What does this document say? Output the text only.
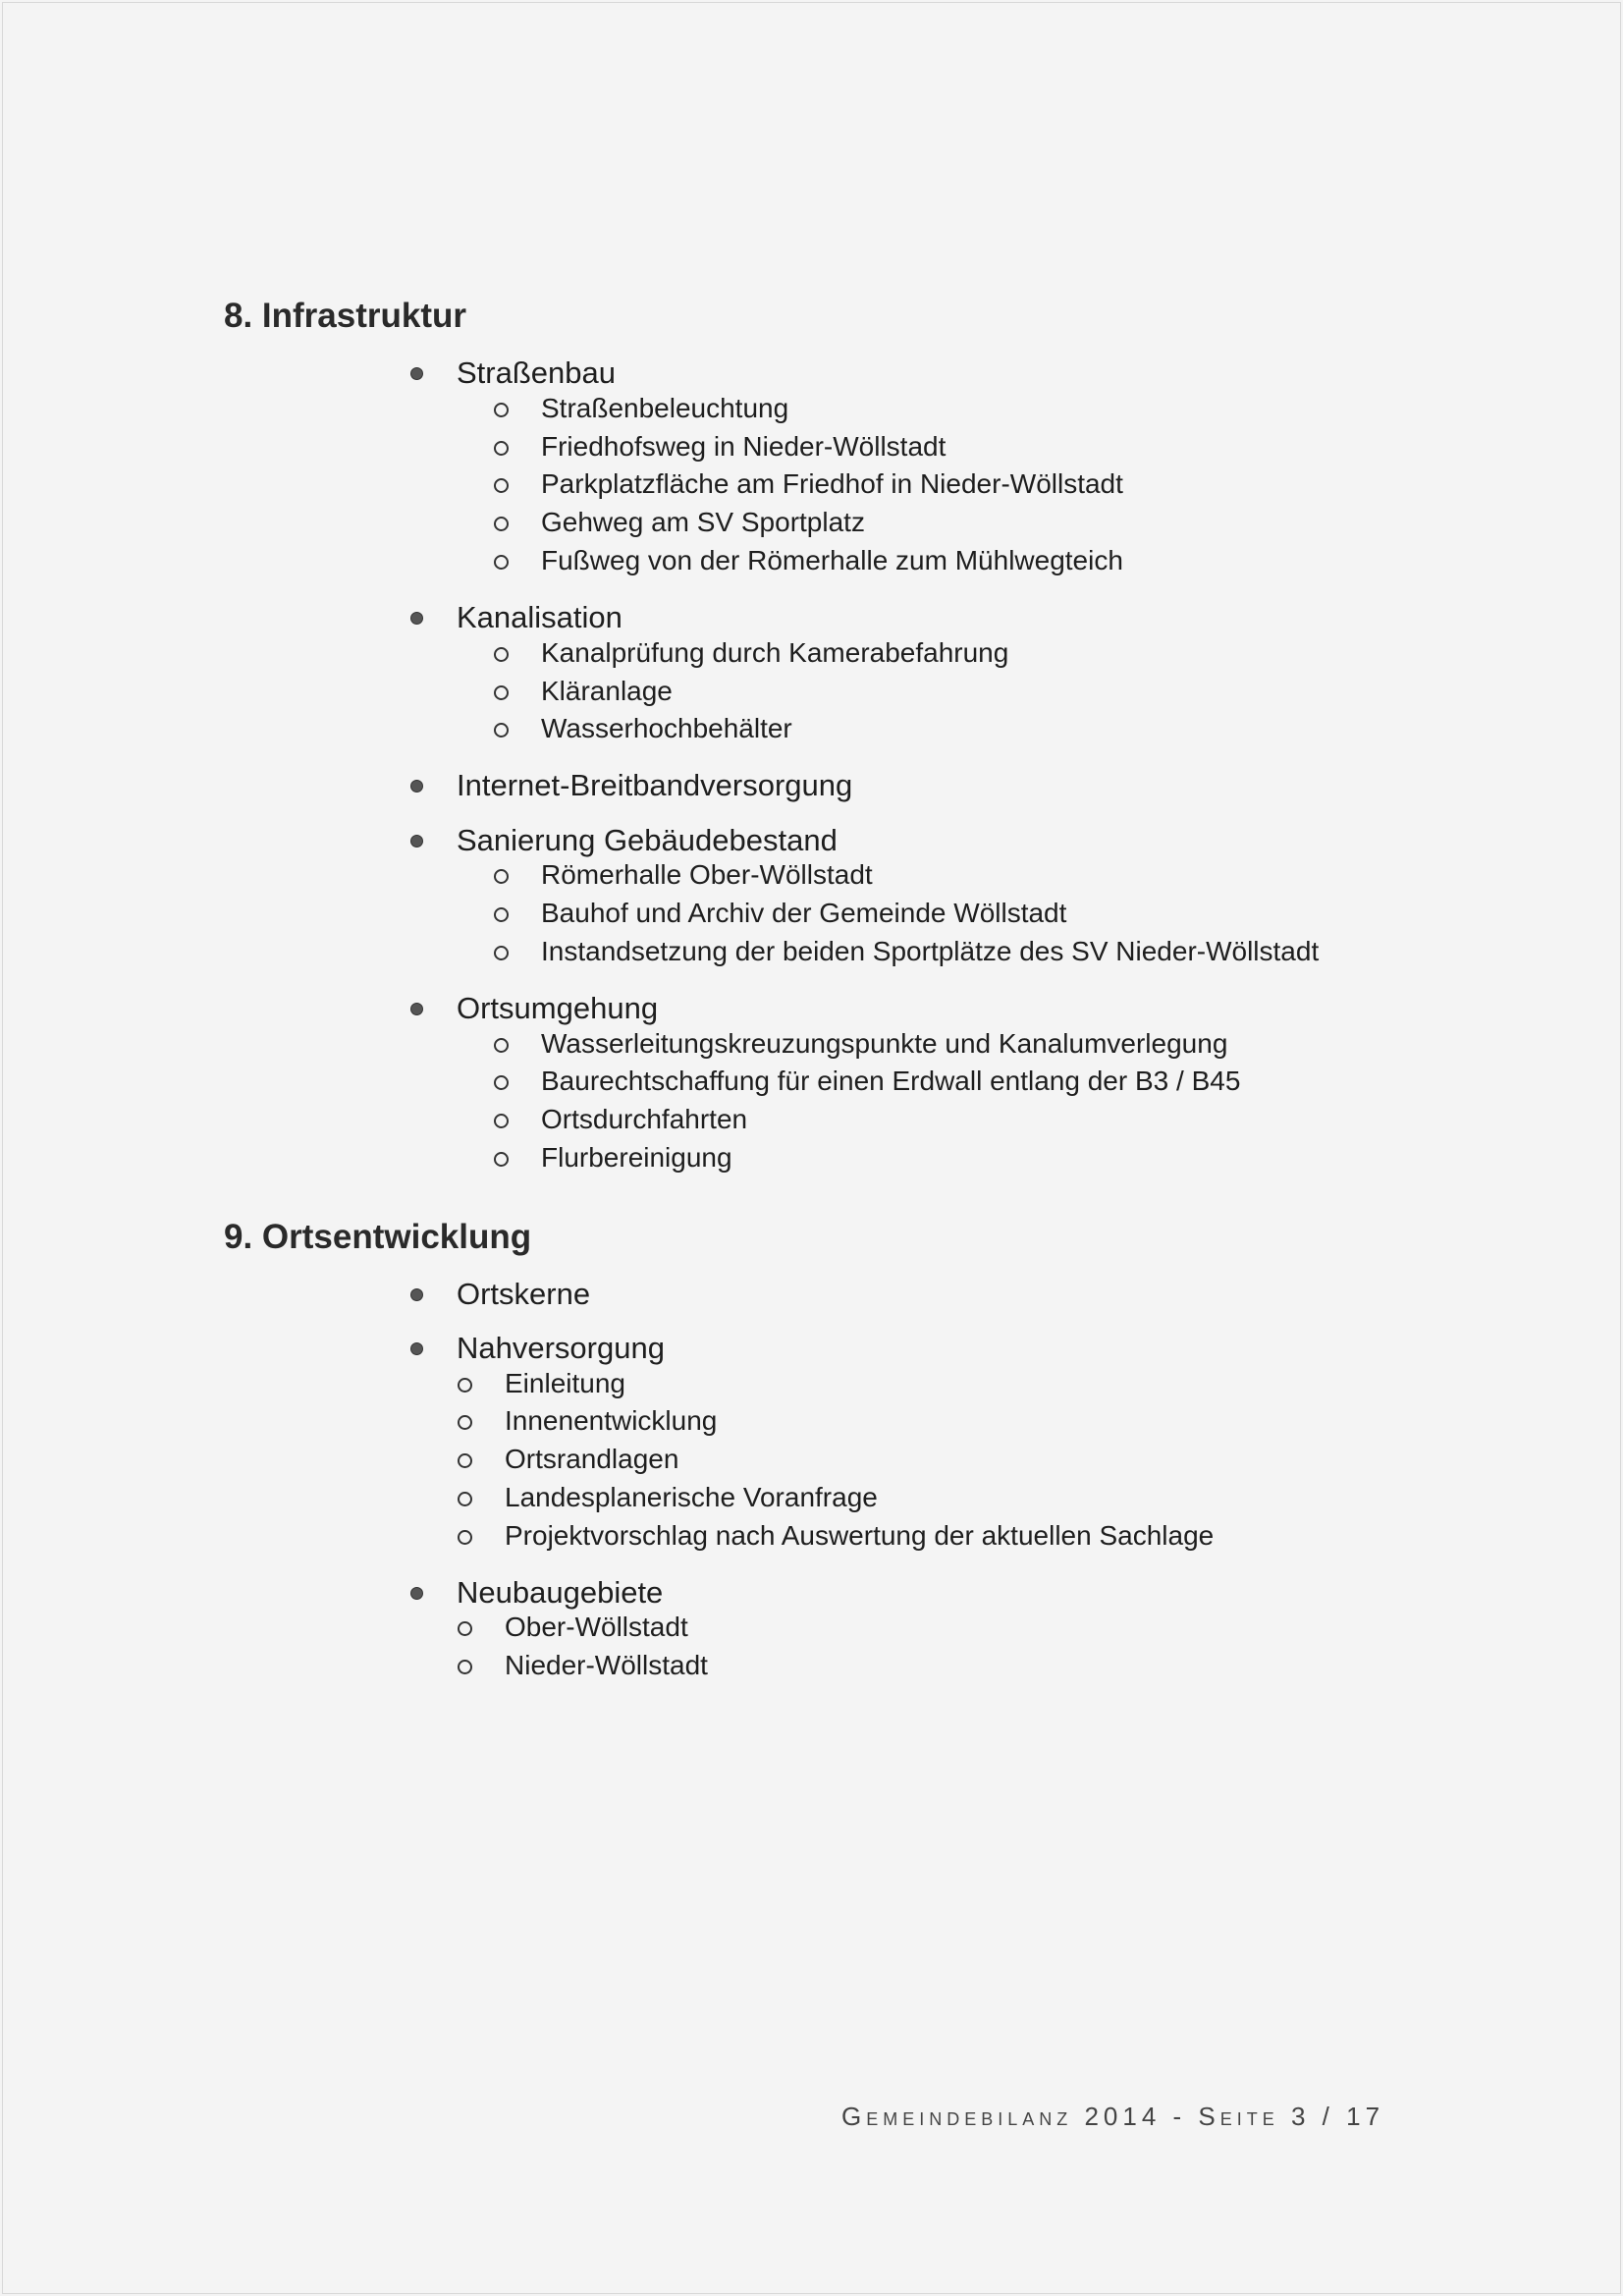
8. Infrastruktur
Straßenbau
Straßenbeleuchtung
Friedhofsweg in Nieder-Wöllstadt
Parkplatzfläche am Friedhof in Nieder-Wöllstadt
Gehweg am SV Sportplatz
Fußweg von der Römerhalle zum Mühlwegteich
Kanalisation
Kanalprüfung durch Kamerabefahrung
Kläranlage
Wasserhochbehälter
Internet-Breitbandversorgung
Sanierung Gebäudebestand
Römerhalle Ober-Wöllstadt
Bauhof und Archiv der Gemeinde Wöllstadt
Instandsetzung der beiden Sportplätze des SV Nieder-Wöllstadt
Ortsumgehung
Wasserleitungskreuzungspunkte und Kanalumverlegung
Baurechtschaffung für einen Erdwall entlang der B3 / B45
Ortsdurchfahrten
Flurbereinigung
9. Ortsentwicklung
Ortskerne
Nahversorgung
Einleitung
Innenentwicklung
Ortsrandlagen
Landesplanerische Voranfrage
Projektvorschlag nach Auswertung der aktuellen Sachlage
Neubaugebiete
Ober-Wöllstadt
Nieder-Wöllstadt
Gemeindebilanz 2014 - Seite 3 / 17
